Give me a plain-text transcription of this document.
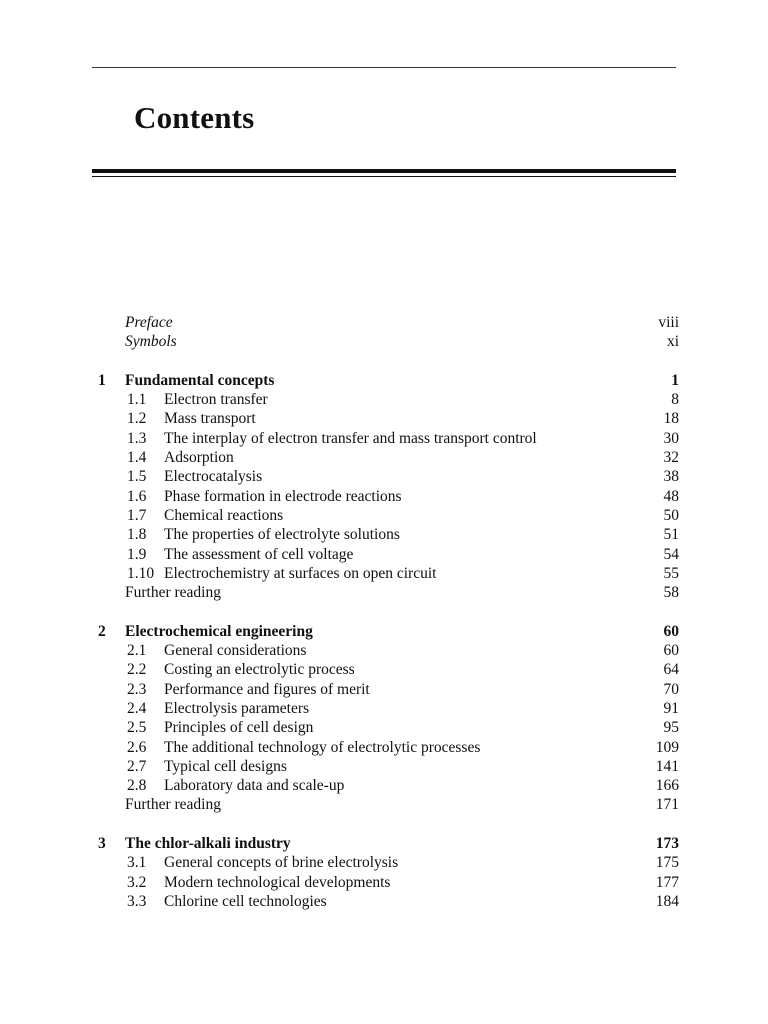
Contents
Preface	viii
Symbols	xi
1 Fundamental concepts	1
1.1 Electron transfer	8
1.2 Mass transport	18
1.3 The interplay of electron transfer and mass transport control	30
1.4 Adsorption	32
1.5 Electrocatalysis	38
1.6 Phase formation in electrode reactions	48
1.7 Chemical reactions	50
1.8 The properties of electrolyte solutions	51
1.9 The assessment of cell voltage	54
1.10 Electrochemistry at surfaces on open circuit	55
Further reading	58
2 Electrochemical engineering	60
2.1 General considerations	60
2.2 Costing an electrolytic process	64
2.3 Performance and figures of merit	70
2.4 Electrolysis parameters	91
2.5 Principles of cell design	95
2.6 The additional technology of electrolytic processes	109
2.7 Typical cell designs	141
2.8 Laboratory data and scale-up	166
Further reading	171
3 The chlor-alkali industry	173
3.1 General concepts of brine electrolysis	175
3.2 Modern technological developments	177
3.3 Chlorine cell technologies	184
